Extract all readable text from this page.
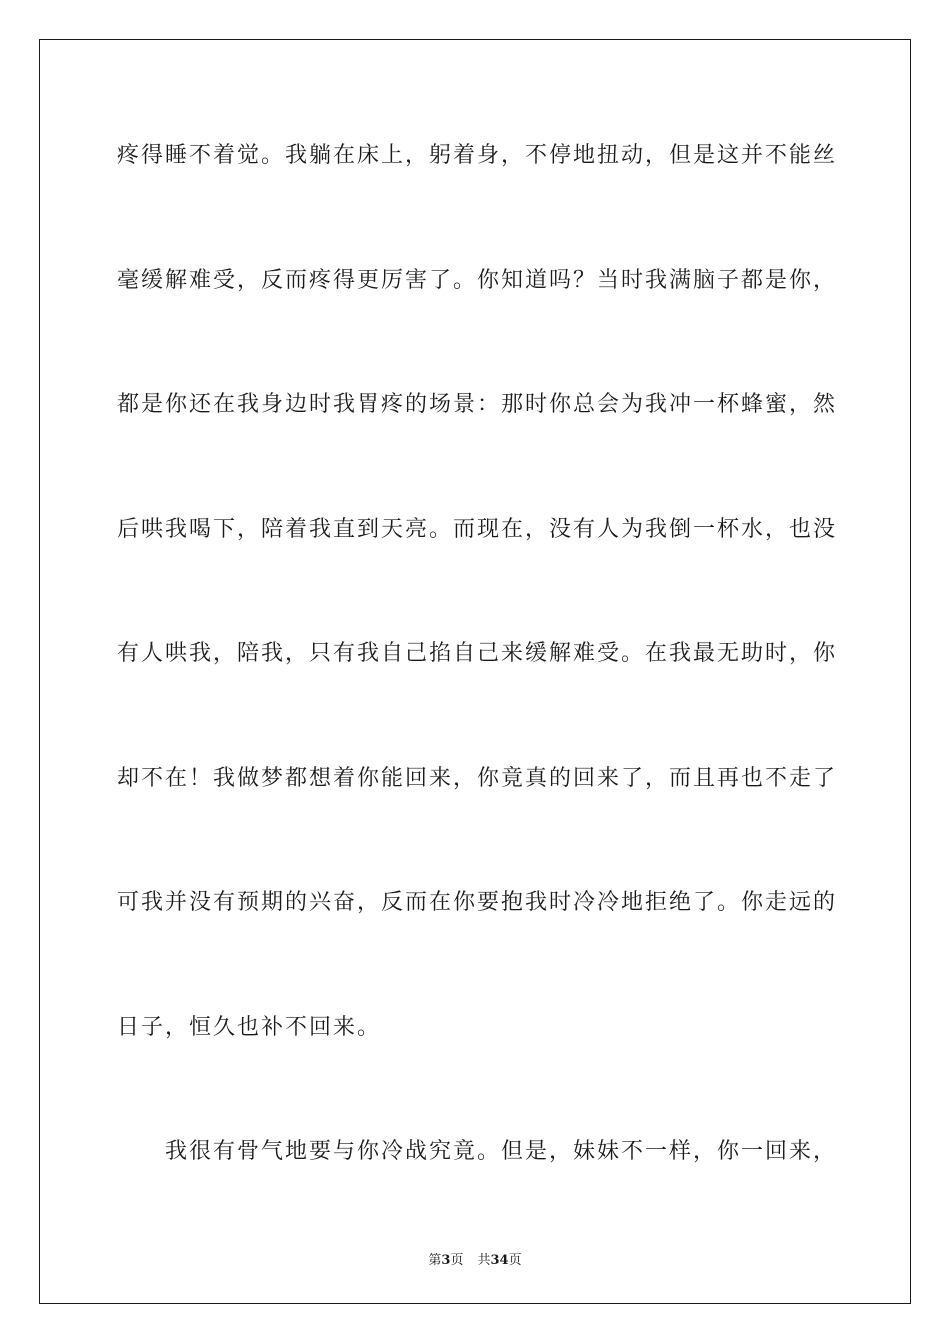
疼得睡不着觉。我躺在床上，躬着身，不停地扭动，但是这并不能丝
毫缓解难受，反而疼得更厉害了。你知道吗？当时我满脑子都是你，
都是你还在我身边时我胃疼的场景：那时你总会为我冲一杯蜂蜜，然
后哄我喝下，陪着我直到天亮。而现在，没有人为我倒一杯水，也没
有人哄我，陪我，只有我自己掐自己来缓解难受。在我最无助时，你
却不在！我做梦都想着你能回来，你竟真的回来了，而且再也不走了
可我并没有预期的兴奋，反而在你要抱我时冷冷地拒绝了。你走远的
日子，恒久也补不回来。
　　我很有骨气地要与你冷战究竟。但是，妹妹不一样，你一回来，
第3页 共34页
